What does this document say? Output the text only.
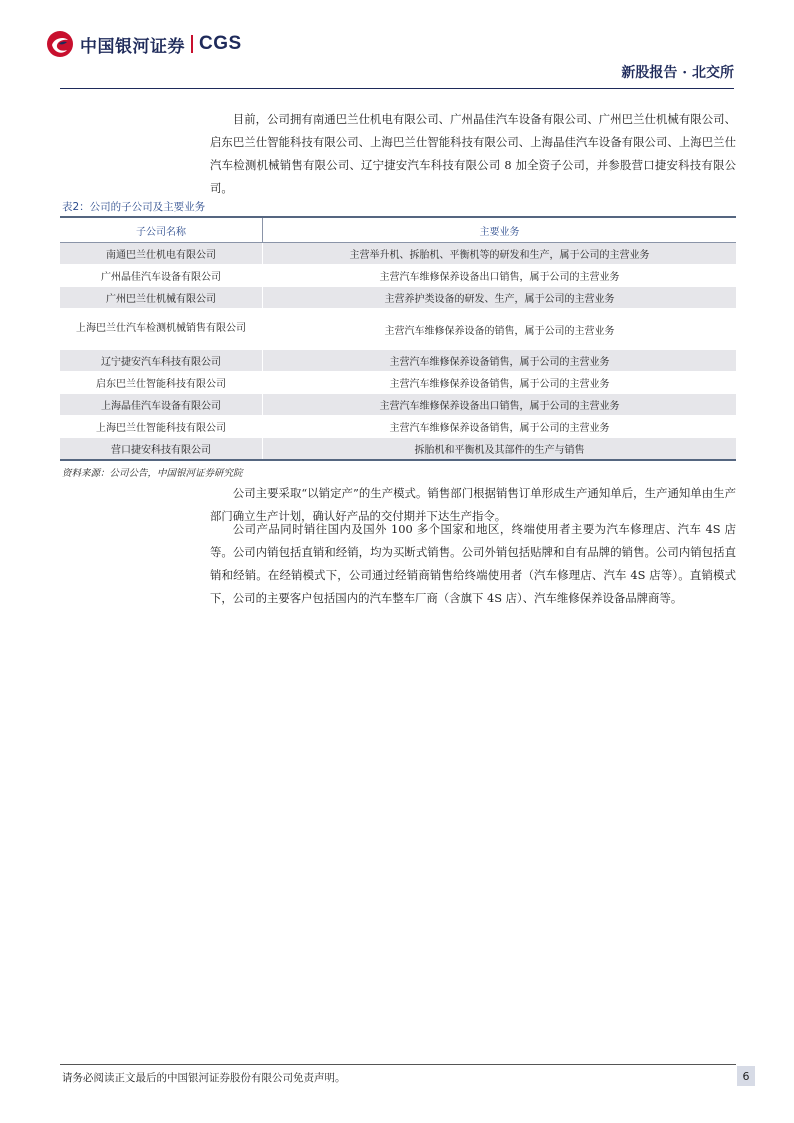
中国银河证券 CGS
新股报告 · 北交所

目前，公司拥有南通巴兰仕机电有限公司、广州晶佳汽车设备有限公司、广州巴兰仕机械有限公司、启东巴兰仕智能科技有限公司、上海巴兰仕智能科技有限公司、上海晶佳汽车设备有限公司、上海巴兰仕汽车检测机械销售有限公司、辽宁捷安汽车科技有限公司 8 加全资子公司，并参股营口捷安科技有限公司。

表2：公司的子公司及主要业务
子公司名称	主要业务
南通巴兰仕机电有限公司	主营举升机、拆胎机、平衡机等的研发和生产，属于公司的主营业务
广州晶佳汽车设备有限公司	主营汽车维修保养设备出口销售，属于公司的主营业务
广州巴兰仕机械有限公司	主营养护类设备的研发、生产，属于公司的主营业务
上海巴兰仕汽车检测机械销售有限公司	主营汽车维修保养设备的销售，属于公司的主营业务
辽宁捷安汽车科技有限公司	主营汽车维修保养设备销售，属于公司的主营业务
启东巴兰仕智能科技有限公司	主营汽车维修保养设备销售，属于公司的主营业务
上海晶佳汽车设备有限公司	主营汽车维修保养设备出口销售，属于公司的主营业务
上海巴兰仕智能科技有限公司	主营汽车维修保养设备销售，属于公司的主营业务
营口捷安科技有限公司	拆胎机和平衡机及其部件的生产与销售
资料来源：公司公告，中国银河证券研究院

公司主要采取“以销定产”的生产模式。销售部门根据销售订单形成生产通知单后，生产通知单由生产部门确立生产计划，确认好产品的交付期并下达生产指令。

公司产品同时销往国内及国外 100 多个国家和地区，终端使用者主要为汽车修理店、汽车 4S 店等。公司内销包括直销和经销，均为买断式销售。公司外销包括贴牌和自有品牌的销售。公司内销包括直销和经销。在经销模式下，公司通过经销商销售给终端使用者（汽车修理店、汽车 4S 店等）。直销模式下，公司的主要客户包括国内的汽车整车厂商（含旗下 4S 店）、汽车维修保养设备品牌商等。

请务必阅读正文最后的中国银河证券股份有限公司免责声明。	6
